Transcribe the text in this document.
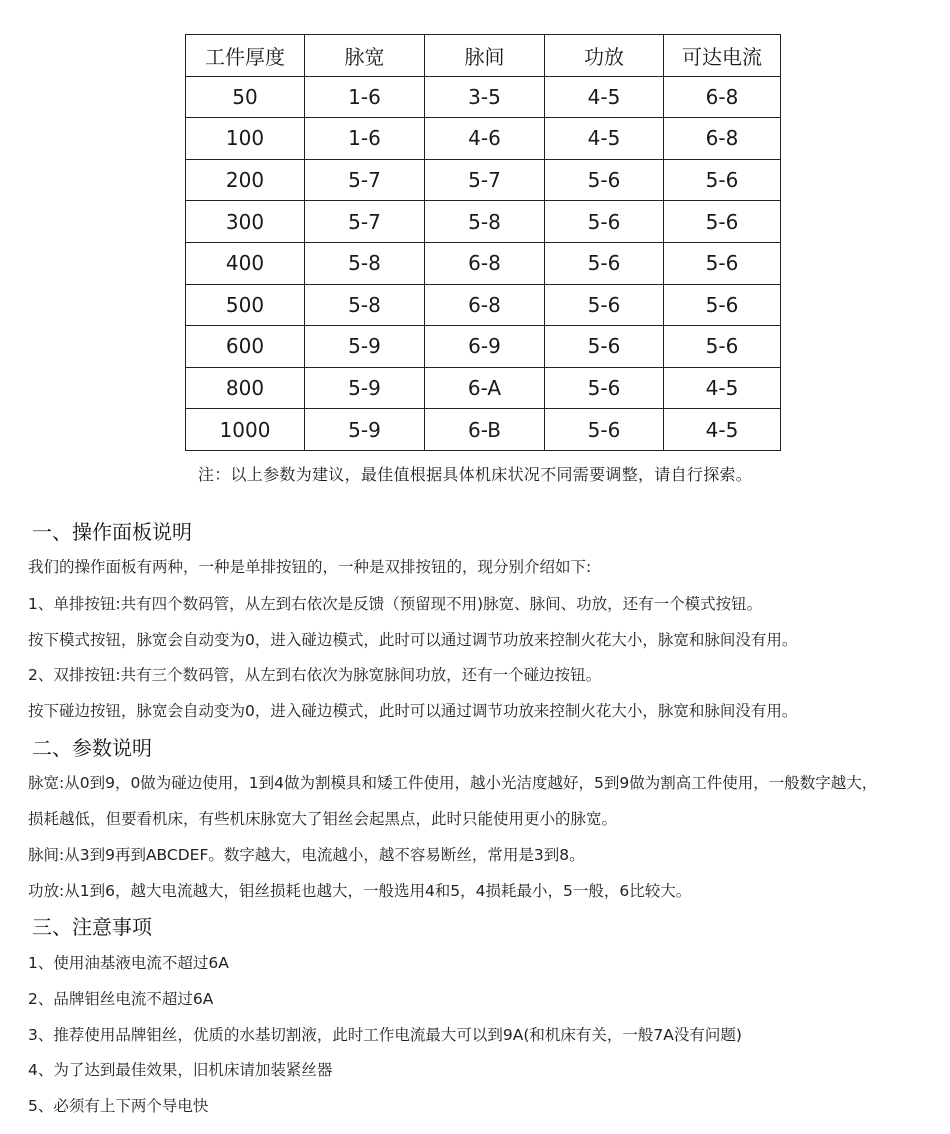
工件厚度	脉宽	脉间	功放	可达电流
50	1-6	3-5	4-5	6-8
100	1-6	4-6	4-5	6-8
200	5-7	5-7	5-6	5-6
300	5-7	5-8	5-6	5-6
400	5-8	6-8	5-6	5-6
500	5-8	6-8	5-6	5-6
600	5-9	6-9	5-6	5-6
800	5-9	6-A	5-6	4-5
1000	5-9	6-B	5-6	4-5
注：以上参数为建议，最佳值根据具体机床状况不同需要调整，请自行探索。
一、操作面板说明
我们的操作面板有两种，一种是单排按钮的，一种是双排按钮的，现分别介绍如下:
1、单排按钮:共有四个数码管，从左到右依次是反馈（预留现不用)脉宽、脉间、功放，还有一个模式按钮。
按下模式按钮，脉宽会自动变为0，进入碰边模式，此时可以通过调节功放来控制火花大小，脉宽和脉间没有用。
2、双排按钮:共有三个数码管，从左到右依次为脉宽脉间功放，还有一个碰边按钮。
按下碰边按钮，脉宽会自动变为0，进入碰边模式，此时可以通过调节功放来控制火花大小，脉宽和脉间没有用。
二、参数说明
脉宽:从0到9，0做为碰边使用，1到4做为割模具和矮工件使用，越小光洁度越好，5到9做为割高工件使用，一般数字越大，
损耗越低，但要看机床，有些机床脉宽大了钼丝会起黑点，此时只能使用更小的脉宽。
脉间:从3到9再到ABCDEF。数字越大，电流越小，越不容易断丝，常用是3到8。
功放:从1到6，越大电流越大，钼丝损耗也越大，一般选用4和5，4损耗最小，5一般，6比较大。
三、注意事项
1、使用油基液电流不超过6A
2、品牌钼丝电流不超过6A
3、推荐使用品牌钼丝，优质的水基切割液，此时工作电流最大可以到9A(和机床有关，一般7A没有问题)
4、为了达到最佳效果，旧机床请加装紧丝器
5、必须有上下两个导电快
